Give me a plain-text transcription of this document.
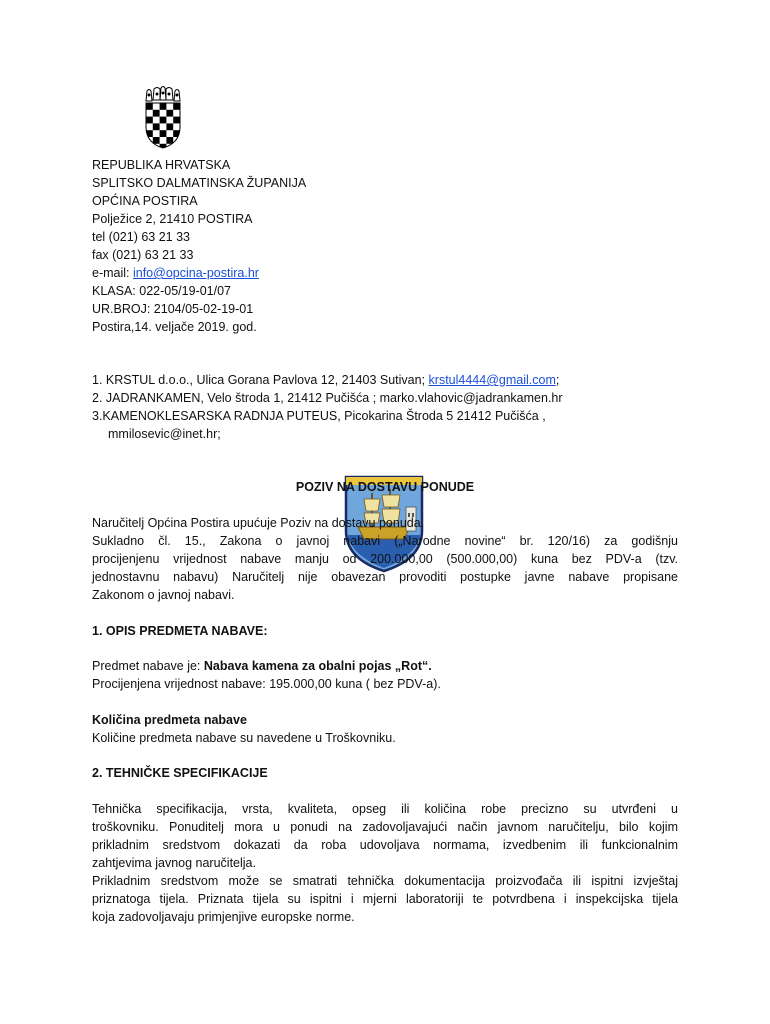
REPUBLIKA HRVATSKA
SPLITSKO DALMATINSKA ŽUPANIJA
OPĆINA POSTIRA
Polježice 2, 21410 POSTIRA
tel (021) 63 21 33
fax (021) 63 21 33
e-mail: info@opcina-postira.hr
KLASA: 022-05/19-01/07
UR.BROJ: 2104/05-02-19-01
Postira,14. veljače 2019. god.
1. KRSTUL d.o.o., Ulica Gorana Pavlova 12, 21403 Sutivan; krstul4444@gmail.com;
2. JADRANKAMEN, Velo štroda 1, 21412 Pučišća ; marko.vlahovic@jadrankamen.hr
3.KAMENOKLESARSKA RADNJA PUTEUS, Picokarina Štroda 5 21412 Pučišća ,
mmilosevic@inet.hr;
POZIV NA DOSTAVU PONUDE
Naručitelj Općina Postira upućuje Poziv na dostavu ponuda.
Sukladno čl. 15., Zakona o javnoj nabavi („Narodne novine“ br. 120/16) za godišnju
procijenjenu vrijednost nabave manju od 200.000,00 (500.000,00) kuna bez PDV-a (tzv.
jednostavnu nabavu) Naručitelj nije obavezan provoditi postupke javne nabave propisane
Zakonom o javnoj nabavi.
1. OPIS PREDMETA NABAVE:
Predmet nabave je: Nabava kamena za obalni pojas „Rot“.
Procijenjena vrijednost nabave: 195.000,00 kuna ( bez PDV-a).
Količina predmeta nabave
Količine predmeta nabave su navedene u Troškovniku.
2. TEHNIČKE SPECIFIKACIJE
Tehnička specifikacija, vrsta, kvaliteta, opseg ili količina robe precizno su utvrđeni u
troškovniku. Ponuditelj mora u ponudi na zadovoljavajući način javnom naručitelju, bilo kojim
prikladnim sredstvom dokazati da roba udovoljava normama, izvedbenim ili funkcionalnim
zahtjevima javnog naručitelja.
Prikladnim sredstvom može se smatrati tehnička dokumentacija proizvođača ili ispitni izvještaj
priznatoga tijela. Priznata tijela su ispitni i mjerni laboratoriji te potvrdbena i inspekcijska tijela
koja zadovoljavaju primjenjive europske norme.
